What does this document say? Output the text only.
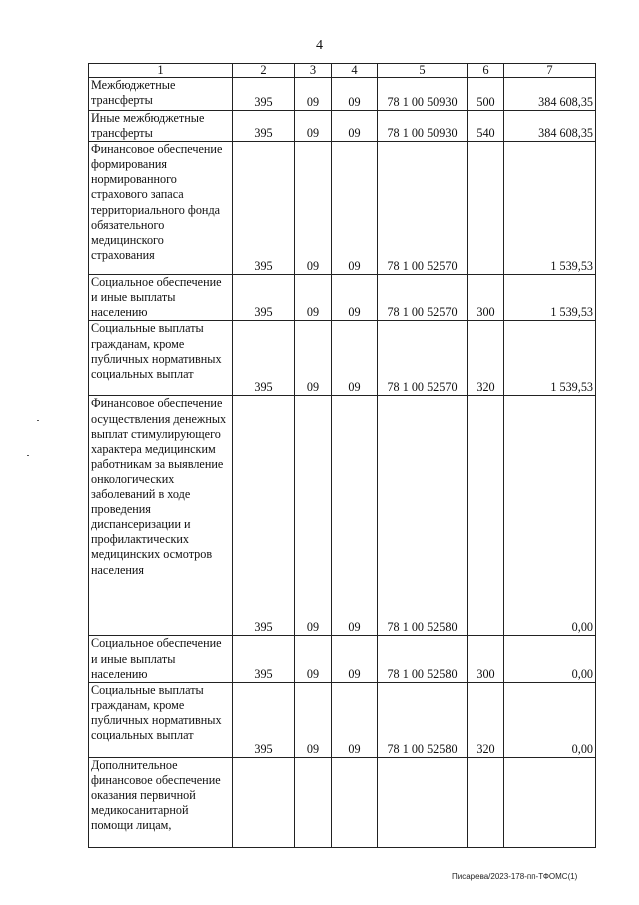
4
1	2	3	4	5	6	7
Межбюджетные трансферты	395	09	09	78 1 00 50930	500	384 608,35
Иные межбюджетные трансферты	395	09	09	78 1 00 50930	540	384 608,35
Финансовое обеспечение формирования нормированного страхового запаса территориального фонда обязательного медицинского страхования	395	09	09	78 1 00 52570		1 539,53
Социальное обеспечение и иные выплаты населению	395	09	09	78 1 00 52570	300	1 539,53
Социальные выплаты гражданам, кроме публичных нормативных социальных выплат	395	09	09	78 1 00 52570	320	1 539,53
Финансовое обеспечение осуществления денежных выплат стимулирующего характера медицинским работникам за выявление онкологических заболеваний в ходе проведения диспансеризации и профилактических медицинских осмотров населения	395	09	09	78 1 00 52580		0,00
Социальное обеспечение и иные выплаты населению	395	09	09	78 1 00 52580	300	0,00
Социальные выплаты гражданам, кроме публичных нормативных социальных выплат	395	09	09	78 1 00 52580	320	0,00
Дополнительное финансовое обеспечение оказания первичной медикосанитарной помощи лицам,						
Писарева/2023-178-пп-ТФОМС(1)
